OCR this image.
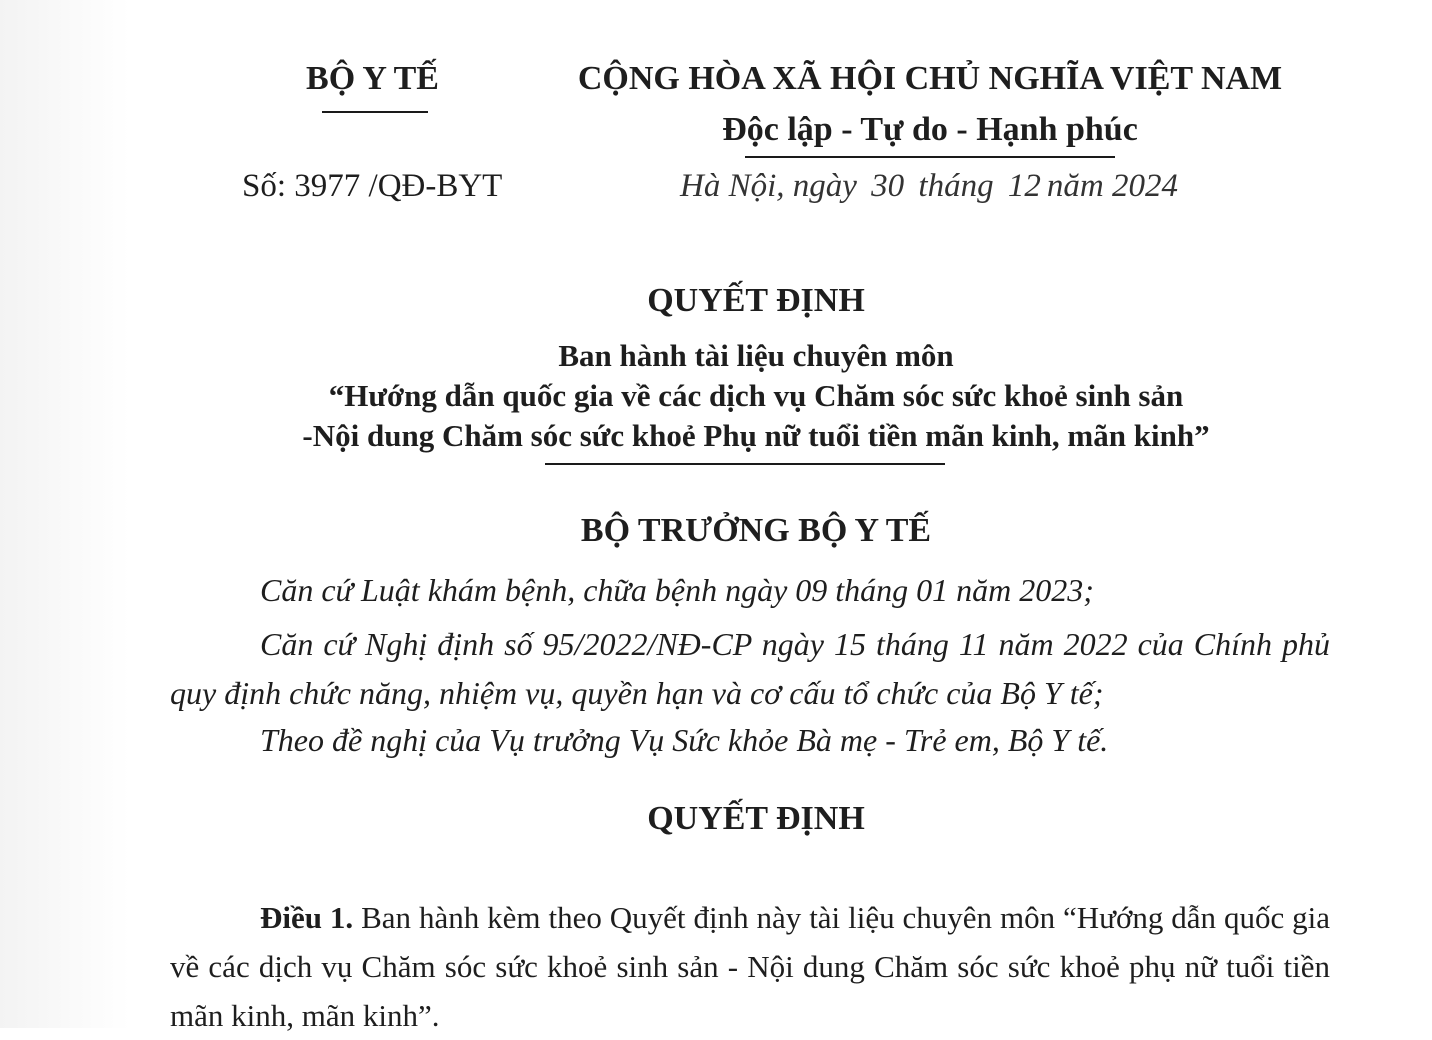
BỘ Y TẾ	CỘNG HÒA XÃ HỘI CHỦ NGHĨA VIỆT NAM
Độc lập - Tự do - Hạnh phúc
Số: 3977 /QĐ-BYT	Hà Nội, ngày 30 tháng 12 năm 2024
QUYẾT ĐỊNH
Ban hành tài liệu chuyên môn
“Hướng dẫn quốc gia về các dịch vụ Chăm sóc sức khoẻ sinh sản
-Nội dung Chăm sóc sức khoẻ Phụ nữ tuổi tiền mãn kinh, mãn kinh”
BỘ TRƯỞNG BỘ Y TẾ
Căn cứ Luật khám bệnh, chữa bệnh ngày 09 tháng 01 năm 2023;
Căn cứ Nghị định số 95/2022/NĐ-CP ngày 15 tháng 11 năm 2022 của Chính phủ quy định chức năng, nhiệm vụ, quyền hạn và cơ cấu tổ chức của Bộ Y tế;
Theo đề nghị của Vụ trưởng Vụ Sức khỏe Bà mẹ - Trẻ em, Bộ Y tế.
QUYẾT ĐỊNH
Điều 1. Ban hành kèm theo Quyết định này tài liệu chuyên môn “Hướng dẫn quốc gia về các dịch vụ Chăm sóc sức khoẻ sinh sản - Nội dung Chăm sóc sức khoẻ phụ nữ tuổi tiền mãn kinh, mãn kinh”.
